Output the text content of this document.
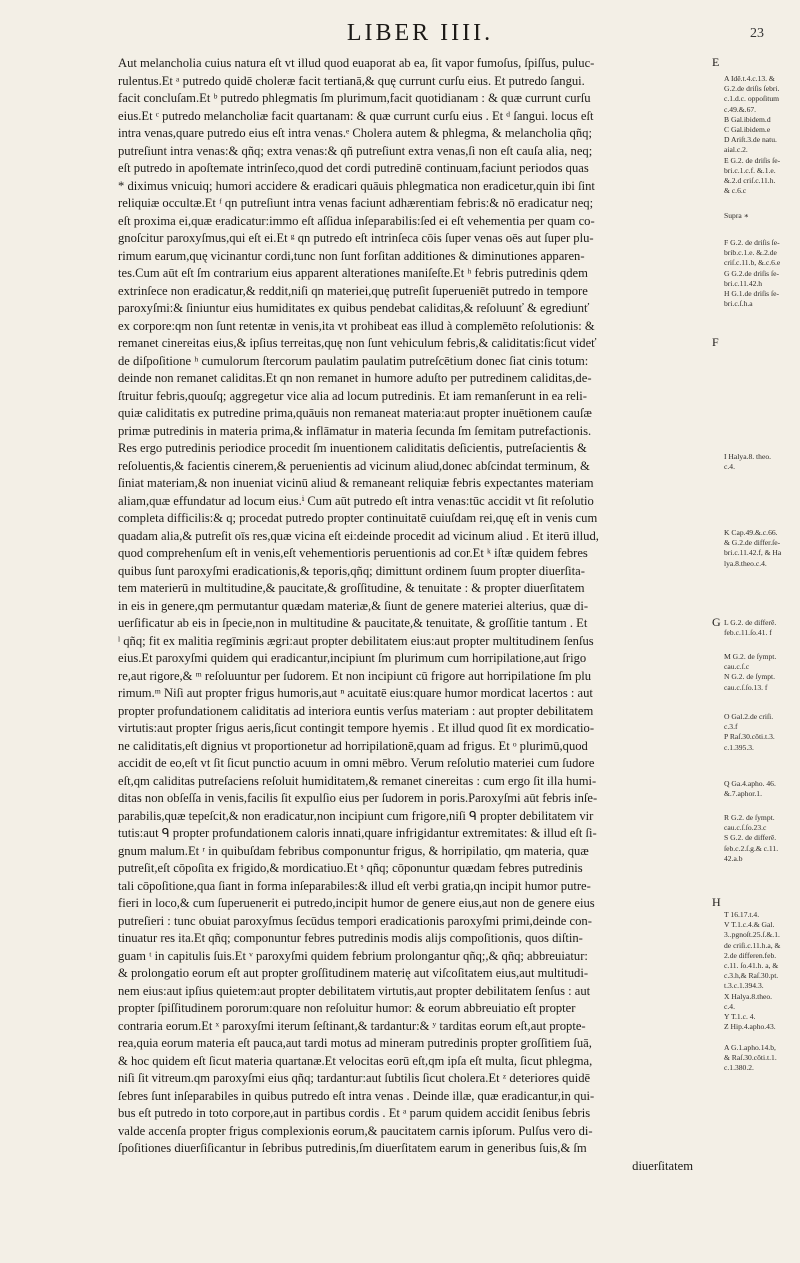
LIBER IIII.	23
Aut melancholia cuius natura eſt vt illud quod euaporat ab ea, ſit vapor fumoſus, ſpiſſus, puluc-
rulentus.Et ᵃ putredo quidē choleræ facit tertianā,& quę currunt curſu eius. Et putredo ſangui.
facit concluſam.Et ᵇ putredo phlegmatis ſm plurimum,facit quotidianam : & quæ currunt curſu
eius.Et ᶜ putredo melancholiæ facit quartanam: & quæ currunt curſu eius . Et ᵈ ſangui. locus eſt
intra venas,quare putredo eius eſt intra venas.ᵉ Cholera autem & phlegma, & melancholia qñq;
putreſiunt intra venas:& qñq; extra venas:& qñ putreſiunt extra venas,ſi non eſt cauſa alia, neq;
eſt putredo in apoſtemate intrinſeco,quod det cordi putredinē continuam,faciunt periodos quas
* diximus vnicuiq; humori accidere & eradicari quāuis phlegmatica non eradicetur,quin ibi ſint
reliquiæ occultæ.Et ᶠ qn putreſiunt intra venas faciunt adhærentiam febris:& nō eradicatur neq;
eſt proxima ei,quæ eradicatur:immo eſt aſſidua inſeparabilis:ſed ei eſt vehementia per quam co-
gnoſcitur paroxyſmus,qui eſt ei.Et ᵍ qn putredo eſt intrinſeca cōis ſuper venas oēs aut ſuper plu-
rimum earum,quę vicinantur cordi,tunc non ſunt forſitan additiones & diminutiones apparen-
tes.Cum aūt eſt ſm contrarium eius apparent alterationes maniſeſte.Et ʰ febris putredinis qdem
extrinſece non eradicatur,& reddit,niſi qn materiei,quę putreſit ſuperueniēt putredo in tempore
paroxyſmi:& ſiniuntur eius humiditates ex quibus pendebat caliditas,& reſoluunť & egrediunť
ex corpore:qm non ſunt retentæ in venis,ita vt prohibeat eas illud à complemēto reſolutionis: &
remanet cinereitas eius,& ipſius terreitas,quę non ſunt vehiculum febris,& caliditatis:ſicut videť
de diſpoſitione ʰ cumulorum ſtercorum paulatim paulatim putreſcētium donec ſiat cinis totum:
deinde non remanet caliditas.Et qn non remanet in humore aduſto per putredinem caliditas,de-
ſtruitur febris,quouſq; aggregetur vice alia ad locum putredinis. Et iam remanſerunt in ea reli-
quiæ caliditatis ex putredine prima,quāuis non remaneat materia:aut propter inuētionem cauſæ
primæ putredinis in materia prima,& inflāmatur in materia ſecunda ſm ſemitam putrefactionis.
Res ergo putredinis periodice procedit ſm inuentionem caliditatis deſicientis, putreſacientis &
reſoluentis,& facientis cinerem,& peruenientis ad vicinum aliud,donec abſcindat terminum, &
ſiniat materiam,& non inueniat vicinū aliud & remaneant reliquiæ febris expectantes materiam
aliam,quæ effundatur ad locum eius.ⁱ Cum aūt putredo eſt intra venas:tūc accidit vt ſit reſolutio
completa difficilis:& q; procedat putredo propter continuitatē cuiuſdam rei,quę eſt in venis cum
quadam alia,& putreſit oīs res,quæ vicina eſt ei:deinde procedit ad vicinum aliud . Et iterū illud,
quod comprehenſum eſt in venis,eſt vehementioris peruentionis ad cor.Et ᵏ iſtæ quidem febres
quibus ſunt paroxyſmi eradicationis,& teporis,qñq; dimittunt ordinem ſuum propter diuerſita-
tem materierū in multitudine,& paucitate,& groſſitudine, & tenuitate : & propter diuerſitatem
in eis in genere,qm permutantur quædam materiæ,& ſiunt de genere materiei alterius, quæ di-
uerſificatur ab eis in ſpecie,non in multitudine & paucitate,& tenuitate, & groſſitie tantum . Et
ˡ qñq; fit ex malitia regīminis ægri:aut propter debilitatem eius:aut propter multitudinem ſenſus
eius.Et paroxyſmi quidem qui eradicantur,incipiunt ſm plurimum cum horripilatione,aut ſrigo
re,aut rigore,& ᵐ reſoluuntur per ſudorem. Et non incipiunt cū frigore aut horripilatione ſm plu
rimum.ᵐ Niſi aut propter frigus humoris,aut ⁿ acuitatē eius:quare humor mordicat lacertos : aut
propter profundationem caliditatis ad interiora euntis verſus materiam : aut propter debilitatem
virtutis:aut propter ſrigus aeris,ſicut contingit tempore hyemis . Et illud quod ſit ex mordicatio-
ne caliditatis,eſt dignius vt proportionetur ad horripilationē,quam ad frigus. Et ᵒ plurimū,quod
accidit de eo,eſt vt ſit ſicut punctio acuum in omni mēbro. Verum reſolutio materiei cum ſudore
eſt,qm caliditas putreſaciens reſoluit humiditatem,& remanet cinereitas : cum ergo ſit illa humi-
ditas non obſeſſa in venis,facilis ſit expulſio eius per ſudorem in poris.Paroxyſmi aūt febris inſe-
parabilis,quæ tepeſcit,& non eradicatur,non incipiunt cum frigore,niſi ᑫ propter debilitatem vir
tutis:aut ᑫ propter profundationem caloris innati,quare infrigidantur extremitates: & illud eſt ſi-
gnum malum.Et ʳ in quibuſdam febribus componuntur frigus, & horripilatio, qm materia, quæ
putreſit,eſt cōpoſita ex frigido,& mordicatiuo.Et ˢ qñq; cōponuntur quædam febres putredinis
tali cōpoſitione,qua ſiant in forma inſeparabiles:& illud eſt verbi gratia,qn incipit humor putre-
fieri in loco,& cum ſuperuenerit ei putredo,incipit humor de genere eius,aut non de genere eius
putreſieri : tunc obuiat paroxyſmus ſecūdus tempori eradicationis paroxyſmi primi,deinde con-
tinuatur res ita.Et qñq; componuntur febres putredinis modis alijs compoſitionis, quos diſtin-
guam ᵗ in capitulis ſuis.Et ᵛ paroxyſmi quidem febrium prolongantur qñq;,& qñq; abbreuiatur:
& prolongatio eorum eſt aut propter groſſitudinem materię aut viſcoſitatem eius,aut multitudi-
nem eius:aut ipſius quietem:aut propter debilitatem virtutis,aut propter debilitatem ſenſus : aut
propter ſpiſſitudinem pororum:quare non reſoluitur humor: & eorum abbreuiatio eſt propter
contraria eorum.Et ˣ paroxyſmi iterum ſeſtinant,& tardantur:& ʸ tarditas eorum eſt,aut propte-
rea,quia eorum materia eſt pauca,aut tardi motus ad mineram putredinis propter groſſitiem ſuā,
& hoc quidem eſt ſicut materia quartanæ.Et velocitas eorū eſt,qm ipſa eſt multa, ſicut phlegma,
niſi ſit vitreum.qm paroxyſmi eius qñq; tardantur:aut ſubtilis ſicut cholera.Et ᶻ deteriores quidē
ſebres ſunt inſeparabiles in quibus putredo eſt intra venas . Deinde illæ, quæ eradicantur,in qui-
bus eſt putredo in toto corpore,aut in partibus cordis . Et ᵃ parum quidem accidit ſenibus ſebris
valde accenſa propter frigus complexionis eorum,& paucitatem carnis ipſorum. Pulſus vero di-
ſpoſitiones diuerſiſicantur in ſebribus putredinis,ſm diuerſitatem earum in generibus ſuis,& ſm
diuerſitatem
E
F
G
H
A Idē.t.4.c.13. &
G.2.de driſis ſebri.
c.1.d.c. oppoſitum
c.49.&.67.
B Gal.ibidem.d
C Gal.ibidem.e
D Ariſt.3.de natu.
aial.c.2.
E G.2. de driſis ſe-
bri.c.1.c.f. &.1.e.
&.2.d criſ.c.11.h.
& c.6.c
Supra ∗
F G.2. de driſis ſe-
brib.c.1.e. &.2.de
criſ.c.11.b, &.c.6.e
G G.2.de driſis ſe-
bri.c.11.42.h
H G.1.de driſis ſe-
bri.c.ſ.h.a
I Halya.8. theo.
c.4.
K Cap.49.&.c.66.
& G.2.de differ.ſe-
bri.c.11.42.f, & Ha
lya.8.theo.c.4.
L G.2. de differē.
feb.c.11.ſo.41. f
M G.2. de ſympt.
cau.c.ſ.c
N G.2. de ſympt.
cau.c.ſ.ſo.13. f
O Gal.2.de criſi.
c.3.f
P Raſ.30.cōti.t.3.
c.1.395.3.
Q Ga.4.apho. 46.
&.7.aphor.1.
R G.2. de ſympt.
cau.c.ſ.ſo.23.c
S G.2. de differē.
ſeb.c.2.ſ.g.& c.11.
42.a.b
T 16.17.t.4.
V T.1.c.4.& Gal.
3..pgnoſt.25.ſ.&.1.
de criſi.c.11.h.a, &
2.de differen.feb.
c.11. ſo.41.h. a, &
c.3.h,& Raſ.30.pt.
t.3.c.1.394.3.
X Halya.8.theo.
c.4.
Y T.1.c. 4.
Z Hip.4.apho.43.

A G.1.apho.14.b,
& Raſ.30.cōti.t.1.
c.1.380.2.
